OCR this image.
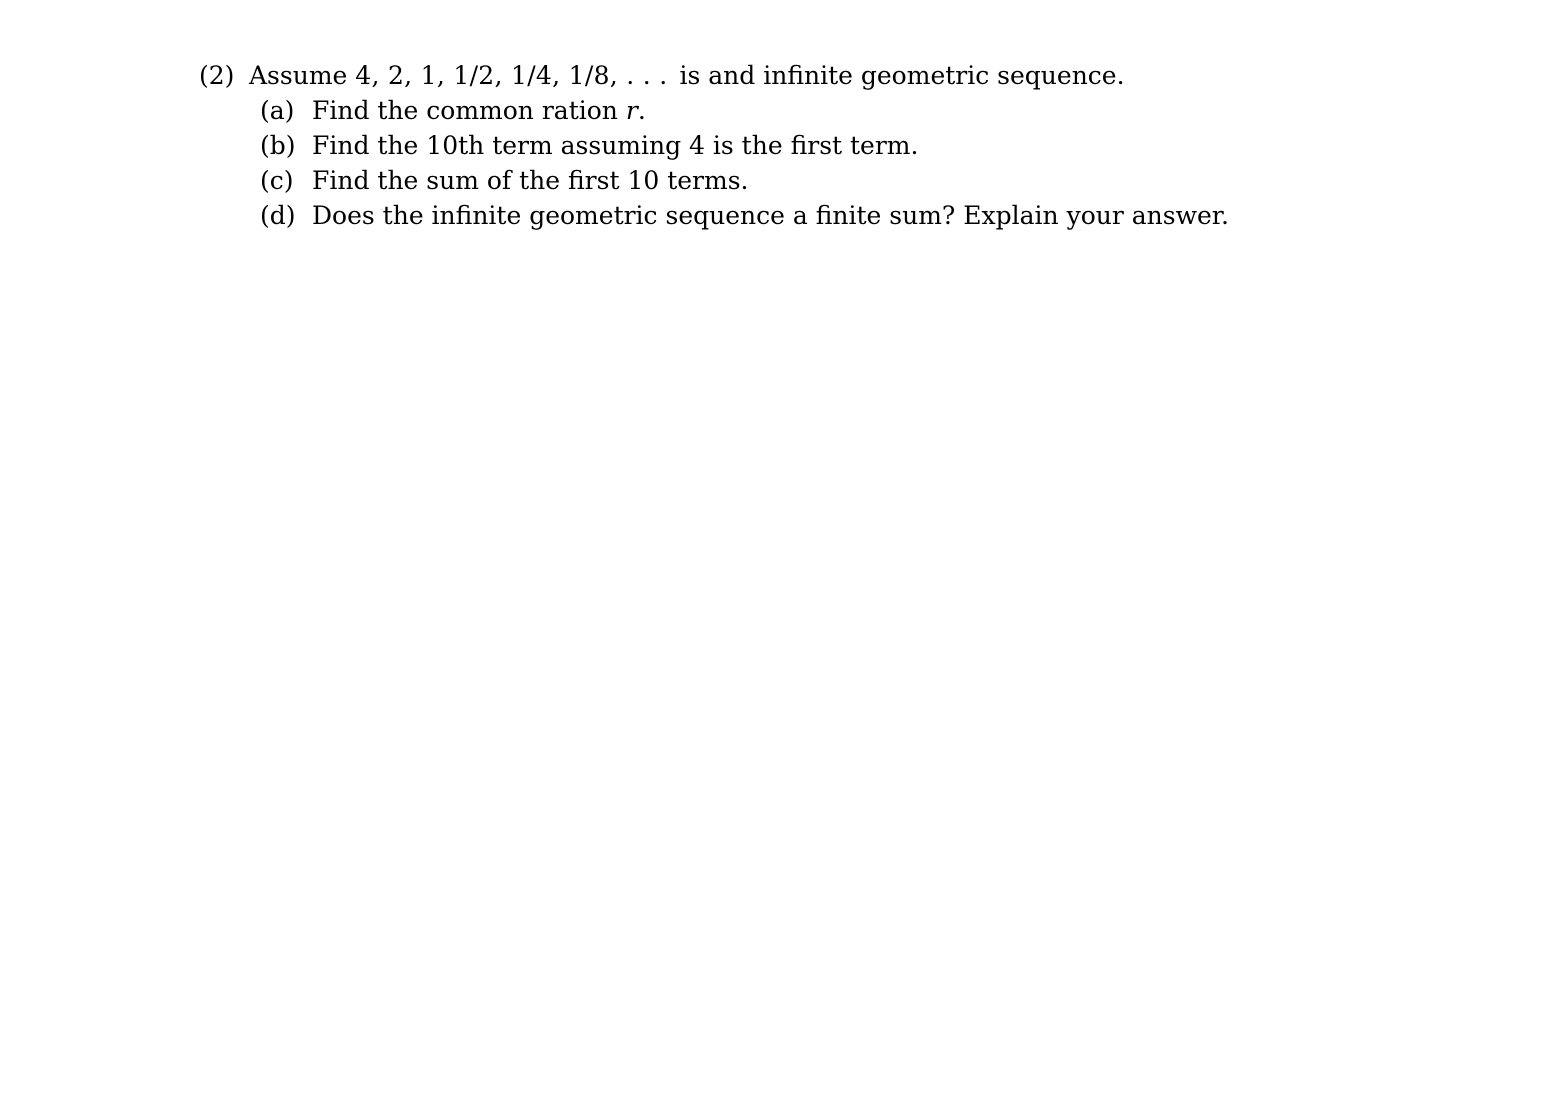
(2) Assume
4, 2, 1, 1/2, 1/4, 1/8, . . . is and infinite geometric sequence.
(a) Find the common ration
r .
(b) Find the 10th term assuming 4 is the first term.
(c) Find the sum of the first 10 terms.
(d) Does the infinite geometric sequence a finite sum? Explain your answer.
